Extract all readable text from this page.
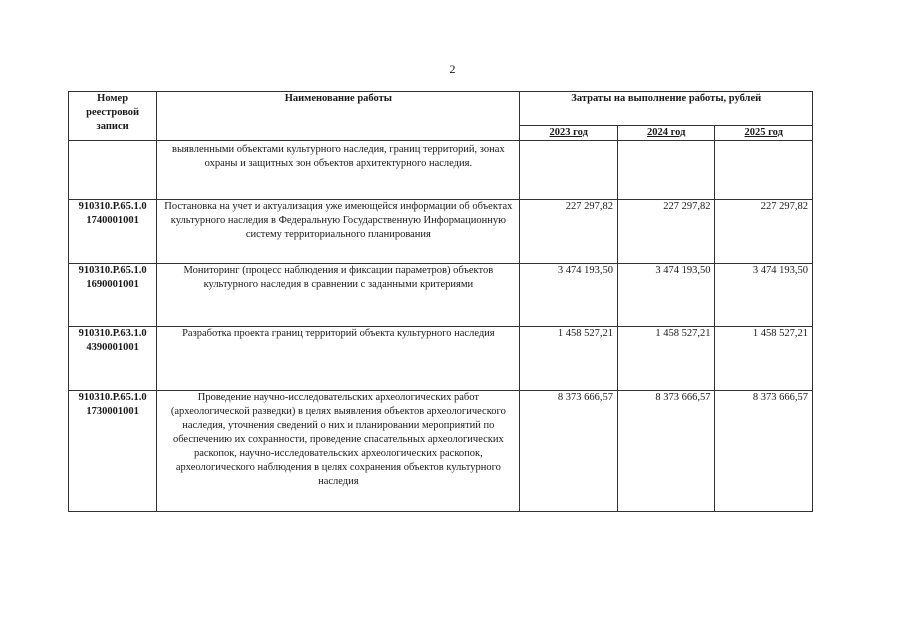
2
Номер реестровой записи	Наименование работы	Затраты на выполнение работы, рублей		
		2023 год	2024 год	2025 год
	выявленными объектами культурного наследия, границ территорий, зонах охраны и защитных зон объектов архитектурного наследия.			
910310.Р.65.1.0 1740001001	Постановка на учет и актуализация уже имеющейся информации об объектах культурного наследия в Федеральную Государственную Информационную систему территориального планирования	227 297,82	227 297,82	227 297,82
910310.Р.65.1.0 1690001001	Мониторинг (процесс наблюдения и фиксации параметров) объектов культурного наследия в сравнении с заданными критериями	3 474 193,50	3 474 193,50	3 474 193,50
910310.Р.63.1.0 4390001001	Разработка проекта границ территорий объекта культурного наследия	1 458 527,21	1 458 527,21	1 458 527,21
910310.Р.65.1.0 1730001001	Проведение научно-исследовательских археологических работ (археологической разведки) в целях выявления объектов археологического наследия, уточнения сведений о них и планировании мероприятий по обеспечению их сохранности, проведение спасательных археологических раскопок, научно-исследовательских археологических раскопок, археологического наблюдения в целях сохранения объектов культурного наследия	8 373 666,57	8 373 666,57	8 373 666,57
